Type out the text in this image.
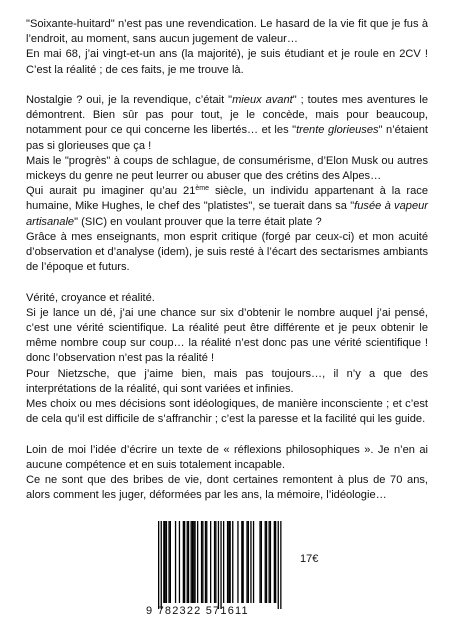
"Soixante-huitard" n’est pas une revendication. Le hasard de la vie fit que je fus à l’endroit, au moment, sans aucun jugement de valeur…
En mai 68, j’ai vingt-et-un ans (la majorité), je suis étudiant et je roule en 2CV ! C’est la réalité ; de ces faits, je me trouve là.

Nostalgie ? oui, je la revendique, c’était "mieux avant" ; toutes mes aventures le démontrent. Bien sûr pas pour tout, je le concède, mais pour beaucoup, notamment pour ce qui concerne les libertés… et les "trente glorieuses" n’étaient pas si glorieuses que ça !
Mais le "progrès" à coups de schlague, de consumérisme, d’Elon Musk ou autres mickeys du genre ne peut leurrer ou abuser que des crétins des Alpes…
Qui aurait pu imaginer qu’au 21ème siècle, un individu appartenant à la race humaine, Mike Hughes, le chef des "platistes", se tuerait dans sa "fusée à vapeur artisanale" (SIC) en voulant prouver que la terre était plate ?
Grâce à mes enseignants, mon esprit critique (forgé par ceux-ci) et mon acuité d’observation et d’analyse (idem), je suis resté à l’écart des sectarismes ambiants de l’époque et futurs.

Vérité, croyance et réalité.
Si je lance un dé, j’ai une chance sur six d’obtenir le nombre auquel j’ai pensé, c’est une vérité scientifique. La réalité peut être différente et je peux obtenir le même nombre coup sur coup… la réalité n’est donc pas une vérité scientifique ! donc l’observation n’est pas la réalité !
Pour Nietzsche, que j’aime bien, mais pas toujours…, il n’y a que des interprétations de la réalité, qui sont variées et infinies.
Mes choix ou mes décisions sont idéologiques, de manière inconsciente ; et c’est de cela qu’il est difficile de s’affranchir ; c’est la paresse et la facilité qui les guide.

Loin de moi l’idée d’écrire un texte de « réflexions philosophiques ». Je n’en ai aucune compétence et en suis totalement incapable.
Ce ne sont que des bribes de vie, dont certaines remontent à plus de 70 ans, alors comment les juger, déformées par les ans, la mémoire, l’idéologie…

9 782322 571611
17€
